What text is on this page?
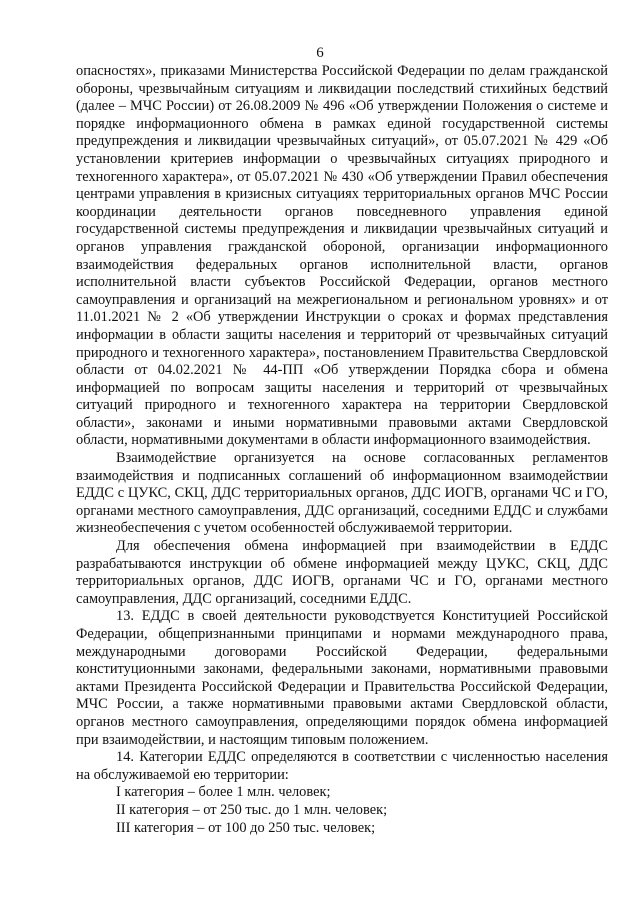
6

опасностях», приказами Министерства Российской Федерации по делам гражданской обороны, чрезвычайным ситуациям и ликвидации последствий стихийных бедствий (далее – МЧС России) от 26.08.2009 № 496 «Об утверждении Положения о системе и порядке информационного обмена в рамках единой государственной системы предупреждения и ликвидации чрезвычайных ситуаций», от 05.07.2021 № 429 «Об установлении критериев информации о чрезвычайных ситуациях природного и техногенного характера», от 05.07.2021 № 430 «Об утверждении Правил обеспечения центрами управления в кризисных ситуациях территориальных органов МЧС России координации деятельности органов повседневного управления единой государственной системы предупреждения и ликвидации чрезвычайных ситуаций и органов управления гражданской обороной, организации информационного взаимодействия федеральных органов исполнительной власти, органов исполнительной власти субъектов Российской Федерации, органов местного самоуправления и организаций на межрегиональном и региональном уровнях» и от 11.01.2021 № 2 «Об утверждении Инструкции о сроках и формах представления информации в области защиты населения и территорий от чрезвычайных ситуаций природного и техногенного характера», постановлением Правительства Свердловской области от 04.02.2021 № 44-ПП «Об утверждении Порядка сбора и обмена информацией по вопросам защиты населения и территорий от чрезвычайных ситуаций природного и техногенного характера на территории Свердловской области», законами и иными нормативными правовыми актами Свердловской области, нормативными документами в области информационного взаимодействия.

Взаимодействие организуется на основе согласованных регламентов взаимодействия и подписанных соглашений об информационном взаимодействии ЕДДС с ЦУКС, СКЦ, ДДС территориальных органов, ДДС ИОГВ, органами ЧС и ГО, органами местного самоуправления, ДДС организаций, соседними ЕДДС и службами жизнеобеспечения с учетом особенностей обслуживаемой территории.

Для обеспечения обмена информацией при взаимодействии в ЕДДС разрабатываются инструкции об обмене информацией между ЦУКС, СКЦ, ДДС территориальных органов, ДДС ИОГВ, органами ЧС и ГО, органами местного самоуправления, ДДС организаций, соседними ЕДДС.

13. ЕДДС в своей деятельности руководствуется Конституцией Российской Федерации, общепризнанными принципами и нормами международного права, международными договорами Российской Федерации, федеральными конституционными законами, федеральными законами, нормативными правовыми актами Президента Российской Федерации и Правительства Российской Федерации, МЧС России, а также нормативными правовыми актами Свердловской области, органов местного самоуправления, определяющими порядок обмена информацией при взаимодействии, и настоящим типовым положением.

14. Категории ЕДДС определяются в соответствии с численностью населения на обслуживаемой ею территории:

I категория – более 1 млн. человек;

II категория – от 250 тыс. до 1 млн. человек;

III категория – от 100 до 250 тыс. человек;
